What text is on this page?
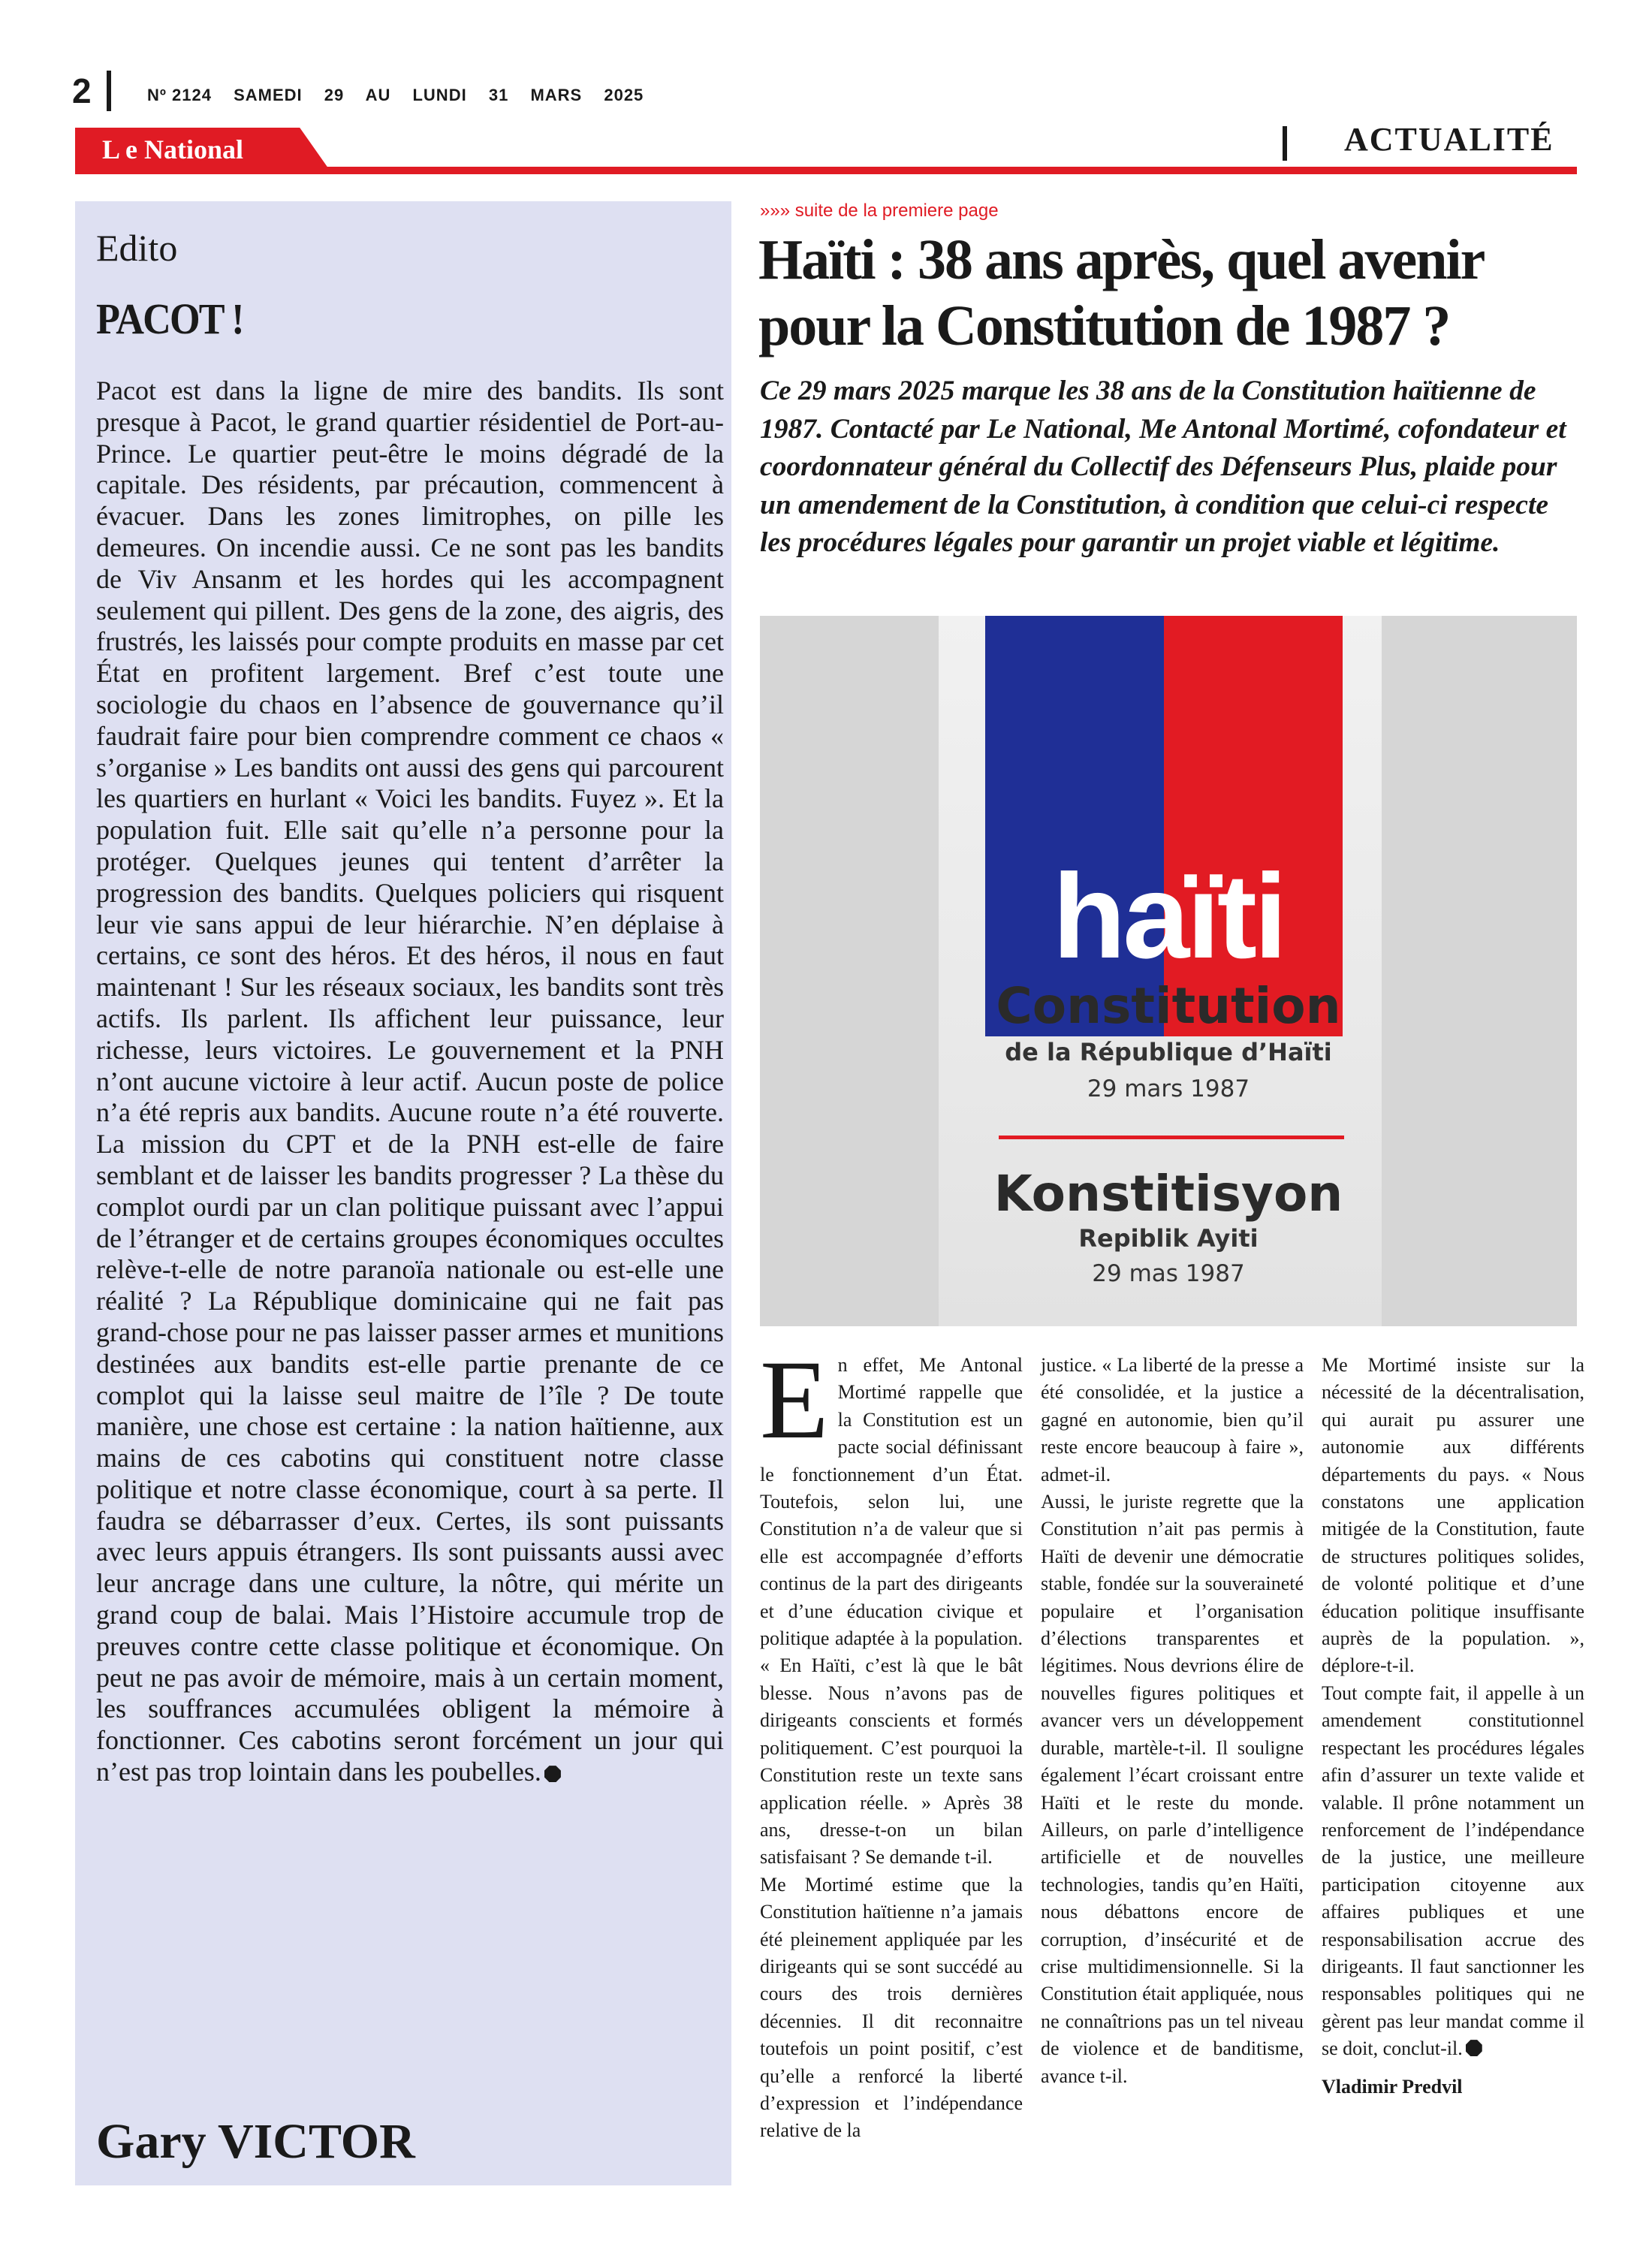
2	Nº 2124 SAMEDI 29 AU LUNDI 31 MARS 2025
L e National	ACTUALITÉ
Edito
PACOT !

Pacot est dans la ligne de mire des bandits. Ils sont presque à Pacot, le grand quartier résidentiel de Port-au-Prince. Le quartier peut-être le moins dégradé de la capitale. Des résidents, par précaution, commencent à évacuer. Dans les zones limitrophes, on pille les demeures. On incendie aussi. Ce ne sont pas les bandits de Viv Ansanm et les hordes qui les accompagnent seulement qui pillent. Des gens de la zone, des aigris, des frustrés, les laissés pour compte produits en masse par cet État en profitent largement. Bref c’est toute une sociologie du chaos en l’absence de gouvernance qu’il faudrait faire pour bien comprendre comment ce chaos « s’organise » Les bandits ont aussi des gens qui parcourent les quartiers en hurlant « Voici les bandits. Fuyez ». Et la population fuit. Elle sait qu’elle n’a personne pour la protéger. Quelques jeunes qui tentent d’arrêter la progression des bandits. Quelques policiers qui risquent leur vie sans appui de leur hiérarchie. N’en déplaise à certains, ce sont des héros. Et des héros, il nous en faut maintenant ! Sur les réseaux sociaux, les bandits sont très actifs. Ils parlent. Ils affichent leur puissance, leur richesse, leurs victoires. Le gouvernement et la PNH n’ont aucune victoire à leur actif. Aucun poste de police n’a été repris aux bandits. Aucune route n’a été rouverte. La mission du CPT et de la PNH est-elle de faire semblant et de laisser les bandits progresser ? La thèse du complot ourdi par un clan politique puissant avec l’appui de l’étranger et de certains groupes économiques occultes relève-t-elle de notre paranoïa nationale ou est-elle une réalité ? La République dominicaine qui ne fait pas grand-chose pour ne pas laisser passer armes et munitions destinées aux bandits est-elle partie prenante de ce complot qui la laisse seul maitre de l’île ? De toute manière, une chose est certaine : la nation haïtienne, aux mains de ces cabotins qui constituent notre classe politique et notre classe économique, court à sa perte. Il faudra se débarrasser d’eux. Certes, ils sont puissants avec leurs appuis étrangers. Ils sont puissants aussi avec leur ancrage dans une culture, la nôtre, qui mérite un grand coup de balai. Mais l’Histoire accumule trop de preuves contre cette classe politique et économique. On peut ne pas avoir de mémoire, mais à un certain moment, les souffrances accumulées obligent la mémoire à fonctionner. Ces cabotins seront forcément un jour qui n’est pas trop lointain dans les poubelles.

Gary VICTOR
»»» suite de la premiere page
Haïti : 38 ans après, quel avenir pour la Constitution de 1987 ?
Ce 29 mars 2025 marque les 38 ans de la Constitution haïtienne de 1987. Contacté par Le National, Me Antonal Mortimé, cofondateur et coordonnateur général du Collectif des Défenseurs Plus, plaide pour un amendement de la Constitution, à condition que celui-ci respecte les procédures légales pour garantir un projet viable et légitime.
haïti
Constitution
de la République d’Haïti
29 mars 1987
Konstitisyon
Repiblik Ayiti
29 mas 1987

En effet, Me Antonal Mortimé rappelle que la Constitution est un pacte social définissant le fonctionnement d’un État. Toutefois, selon lui, une Constitution n’a de valeur que si elle est accompagnée d’efforts continus de la part des dirigeants et d’une éducation civique et politique adaptée à la population. « En Haïti, c’est là que le bât blesse. Nous n’avons pas de dirigeants conscients et formés politiquement. C’est pourquoi la Constitution reste un texte sans application réelle. » Après 38 ans, dresse-t-on un bilan satisfaisant ? Se demande t-il.

Me Mortimé estime que la Constitution haïtienne n’a jamais été pleinement appliquée par les dirigeants qui se sont succédé au cours des trois dernières décennies. Il dit reconnaitre toutefois un point positif, c’est qu’elle a renforcé la liberté d’expression et l’indépendance relative de la

justice. « La liberté de la presse a été consolidée, et la justice a gagné en autonomie, bien qu’il reste encore beaucoup à faire », admet-il.

Aussi, le juriste regrette que la Constitution n’ait pas permis à Haïti de devenir une démocratie stable, fondée sur la souveraineté populaire et l’organisation d’élections transparentes et légitimes. Nous devrions élire de nouvelles figures politiques et avancer vers un développement durable, martèle-t-il. Il souligne également l’écart croissant entre Haïti et le reste du monde. Ailleurs, on parle d’intelligence artificielle et de nouvelles technologies, tandis qu’en Haïti, nous débattons encore de corruption, d’insécurité et de crise multidimensionnelle. Si la Constitution était appliquée, nous ne connaîtrions pas un tel niveau de violence et de banditisme, avance t-il.

Me Mortimé insiste sur la nécessité de la décentralisation, qui aurait pu assurer une autonomie aux différents départements du pays. « Nous constatons une application mitigée de la Constitution, faute de structures politiques solides, de volonté politique et d’une éducation politique insuffisante auprès de la population. », déplore-t-il.

Tout compte fait, il appelle à un amendement constitutionnel respectant les procédures légales afin d’assurer un texte valide et valable. Il prône notamment un renforcement de l’indépendance de la justice, une meilleure participation citoyenne aux affaires publiques et une responsabilisation accrue des dirigeants. Il faut sanctionner les responsables politiques qui ne gèrent pas leur mandat comme il se doit, conclut-il.

Vladimir Predvil
